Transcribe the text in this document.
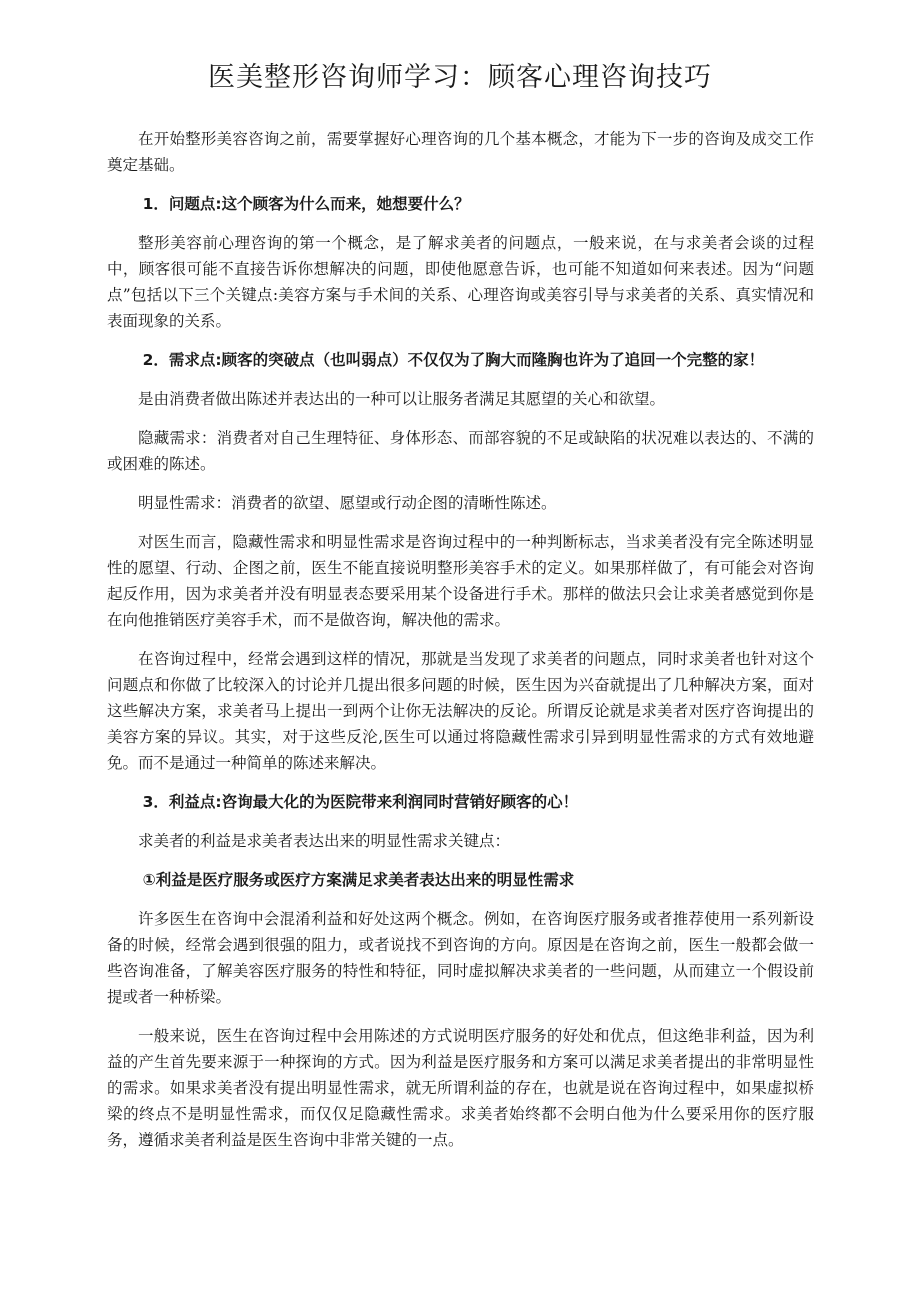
医美整形咨询师学习：顾客心理咨询技巧

在开始整形美容咨询之前，需要掌握好心理咨询的几个基本概念，才能为下一步的咨询及成交工作奠定基础。

1．问题点:这个顾客为什么而来，她想要什么？

整形美容前心理咨询的第一个概念，是了解求美者的问题点，一般来说，在与求美者会谈的过程中，顾客很可能不直接告诉你想解决的问题，即使他愿意告诉，也可能不知道如何来表述。因为“问题点”包括以下三个关键点:美容方案与手术间的关系、心理咨询或美容引导与求美者的关系、真实情况和表面现象的关系。

2．需求点:顾客的突破点（也叫弱点）不仅仅为了胸大而隆胸也许为了追回一个完整的家！

是由消费者做出陈述并表达出的一种可以让服务者满足其愿望的关心和欲望。

隐藏需求：消费者对自己生理特征、身体形态、而部容貌的不足或缺陷的状况难以表达的、不满的或困难的陈述。

明显性需求：消费者的欲望、愿望或行动企图的清晰性陈述。

对医生而言，隐藏性需求和明显性需求是咨询过程中的一种判断标志，当求美者没有完全陈述明显性的愿望、行动、企图之前，医生不能直接说明整形美容手术的定义。如果那样做了，有可能会对咨询起反作用，因为求美者并没有明显表态要采用某个设备进行手术。那样的做法只会让求美者感觉到你是在向他推销医疗美容手术，而不是做咨询，解决他的需求。

在咨询过程中，经常会遇到这样的情况，那就是当发现了求美者的问题点，同时求美者也针对这个问题点和你做了比较深入的讨论并几提出很多问题的时候，医生因为兴奋就提出了几种解决方案，面对这些解决方案，求美者马上提出一到两个让你无法解决的反论。所谓反论就是求美者对医疗咨询提出的美容方案的异议。其实，对于这些反沦,医生可以通过将隐藏性需求引异到明显性需求的方式有效地避免。而不是通过一种简单的陈述来解决。

3．利益点:咨询最大化的为医院带来利润同时营销好顾客的心！

求美者的利益是求美者表达出来的明显性需求关键点：

①利益是医疗服务或医疗方案满足求美者表达出来的明显性需求

许多医生在咨询中会混淆利益和好处这两个概念。例如，在咨询医疗服务或者推荐使用一系列新设备的时候，经常会遇到很强的阻力，或者说找不到咨询的方向。原因是在咨询之前，医生一般都会做一些咨询准备，了解美容医疗服务的特性和特征，同时虚拟解决求美者的一些问题，从而建立一个假设前提或者一种桥梁。

一般来说，医生在咨询过程中会用陈述的方式说明医疗服务的好处和优点，但这绝非利益，因为利益的产生首先要来源于一种探询的方式。因为利益是医疗服务和方案可以满足求美者提出的非常明显性的需求。如果求美者没有提出明显性需求，就无所谓利益的存在，也就是说在咨询过程中，如果虚拟桥梁的终点不是明显性需求，而仅仅足隐藏性需求。求美者始终都不会明白他为什么要采用你的医疗服务，遵循求美者利益是医生咨询中非常关键的一点。
